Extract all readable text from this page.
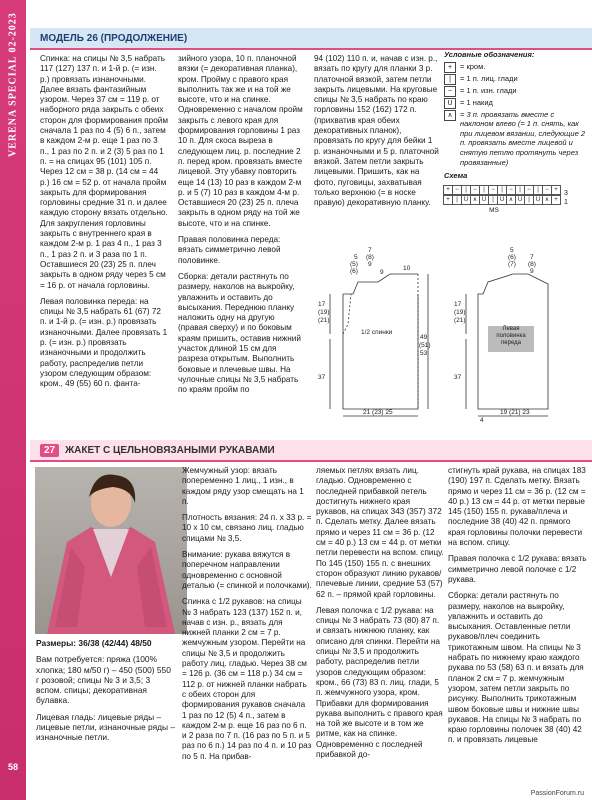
VERENA SPECIAL 02-2023
58
МОДЕЛЬ 26 (ПРОДОЛЖЕНИЕ)

Спинка: на спицы № 3,5 набрать 117 (127) 137 п. и 1-й р. (= изн. р.) провязать изнаночными. Далее вязать фантазийным узором. Через 37 см = 119 р. от наборного ряда закрыть с обеих сторон для формирования пройм сначала 1 раз по 4 (5) 6 п., затем в каждом 2-м р. еще 1 раз по 3 п., 1 раз по 2 п. и 2 (3) 5 раз по 1 п. = на спицах 95 (101) 105 п. Через 12 см = 38 р. (14 см = 44 р.) 16 см = 52 р. от начала пройм закрыть для формирования горловины средние 31 п. и далее каждую сторону вязать отдельно. Для закругления горловины закрыть с внутреннего края в каждом 2-м р. 1 раз 4 п., 1 раз 3 п., 1 раз 2 п. и 3 раза по 1 п. Оставшиеся 20 (23) 25 п. плеч закрыть в одном ряду через 5 см = 16 р. от начала горловины.

Левая половинка переда: на спицы № 3,5 набрать 61 (67) 72 п. и 1-й р. (= изн. р.) провязать изнаночными. Далее провязать 1 р. (= изн. р.) провязать изнаночными и продолжить работу, распределив петли узором следующим образом: кром., 49 (55) 60 п. фанта-

зийного узора, 10 п. планочной вязки (= декоративная планка), кром. Пройму с правого края выполнить так же и на той же высоте, что и на спинке. Одновременно с началом пройм закрыть с левого края для формирования горловины 1 раз 10 п. Для скоса выреза в следующем лиц. р. последние 2 п. перед кром. провязать вместе лицевой. Эту убавку повторить еще 14 (13) 10 раз в каждом 2-м р. и 5 (7) 10 раз в каждом 4-м р. Оставшиеся 20 (23) 25 п. плеча закрыть в одном ряду на той же высоте, что и на спинке.

Правая половинка переда: вязать симметрично левой половинке.

Сборка: детали растянуть по размеру, наколов на выкройку, увлажнить и оставить до высыхания. Переднюю планку наложить одну на другую (правая сверху) и по боковым краям пришить, оставив нижний участок длиной 15 см для разреза открытым. Выполнить боковые и плечевые швы. На чулочные спицы № 3,5 набрать по краям пройм по

94 (102) 110 п. и, начав с изн. р., вязать по кругу для планки 3 р. платочной вязкой, затем петли закрыть лицевыми. На круговые спицы № 3,5 набрать по краю горловины 152 (162) 172 п. (прихватив края обеих декоративных планок), провязать по кругу для бейки 1 р. изнаночными и 5 р. платочной вязкой. Затем петли закрыть лицевыми. Пришить, как на фото, пуговицы, захватывая только верхнюю (= в носке правую) декоративную планку.

Условные обозначения:
+	= кром.
|	= 1 п. лиц. глади
−	= 1 п. изн. глади
U = 1 накид
∧ = 3 п. провязать вместе с наклоном влево (= 1 п. снять, как при лицевом вязании, следующие 2 п. провязать вместе лицевой и снятую петлю протянуть через провязанные)
Схема
+ −	|	−	|	−	|	−	|	−	|	− +
+	|	U ∧ U	|	U ∧ U	|	U ∧ +
MS
3
1
7
(8)
9
5
(5)
(6)	9
10
17
(19)
(21)
37
1/2 спинки
49
(51)
53
21 (23) 25
5
(6)
(7)
7
(8)
9
17
(19)
(21)
37
4
Левая половинка переда
19 (21) 23
27	ЖАКЕТ С ЦЕЛЬНОВЯЗАНЫМИ РУКАВАМИ

Размеры: 36/38 (42/44) 48/50

Вам потребуется: пряжа (100% хлопка; 180 м/50 г) – 450 (500) 550 г розовой; спицы № 3 и 3,5; 3 вспом. спицы; декоративная булавка.

Лицевая гладь: лицевые ряды – лицевые петли, изнаночные ряды – изнаночные петли.

Жемчужный узор: вязать попеременно 1 лиц., 1 изн., в каждом ряду узор смещать на 1 п.

Плотность вязания: 24 п. х 33 р. = 10 х 10 см, связано лиц. гладью спицами № 3,5.

Внимание: рукава вяжутся в поперечном направлении одновременно с основной деталью (= спинкой и полочками).

Спинка с 1/2 рукавов: на спицы № 3 набрать 123 (137) 152 п. и, начав с изн. р., вязать для нижней планки 2 см = 7 р. жемчужным узором. Перейти на спицы № 3,5 и продолжить работу лиц. гладью. Через 38 см = 126 р. (36 см = 118 р.) 34 см = 112 р. от нижней планки набрать с обеих сторон для формирования рукавов сначала 1 раз по 12 (5) 4 п., затем в каждом 2-м р. еще 16 раз по 6 п. и 2 раза по 7 п. (16 раз по 5 п. и 5 раз по 6 п.) 14 раз по 4 п. и 10 раз по 5 п. На прибав-

ляемых петлях вязать лиц. гладью. Одновременно с последней прибавкой петель достигнуть нижнего края рукавов, на спицах 343 (357) 372 п. Сделать метку. Далее вязать прямо и через 11 см = 36 р. (12 см = 40 р.) 13 см = 44 р. от метки петли перевести на вспом. спицу. По 145 (150) 155 п. с внешних сторон образуют линию рукавов/плечевые линии, средние 53 (57) 62 п. – прямой край горловины.

Левая полочка с 1/2 рукава: на спицы № 3 набрать 73 (80) 87 п. и связать нижнюю планку, как описано для спинки. Перейти на спицы № 3,5 и продолжить работу, распределив петли узоров следующим образом: кром., 66 (73) 83 п. лиц. глади, 5 п. жемчужного узора, кром. Прибавки для формирования рукава выполнить с правого края на той же высоте и в том же ритме, как на спинке. Одновременно с последней прибавкой до-

стигнуть край рукава, на спицах 183 (190) 197 п. Сделать метку. Вязать прямо и через 11 см = 36 р. (12 см = 40 р.) 13 см = 44 р. от метки первые 145 (150) 155 п. рукава/плеча и последние 38 (40) 42 п. прямого края горловины полочки перевести на вспом. спицу.

Правая полочка с 1/2 рукава: вязать симметрично левой полочке с 1/2 рукава.

Сборка: детали растянуть по размеру, наколов на выкройку, увлажнить и оставить до высыхания. Оставленные петли рукавов/плеч соединить трикотажным швом. На спицы № 3 набрать по нижнему краю каждого рукава по 53 (58) 63 п. и вязать для планок 2 см = 7 р. жемчужным узором, затем петли закрыть по рисунку. Выполнить трикотажным швом боковые швы и нижние швы рукавов. На спицы № 3 набрать по краю горловины полочек 38 (40) 42 п. и провязать лицевые

PassionForum.ru
